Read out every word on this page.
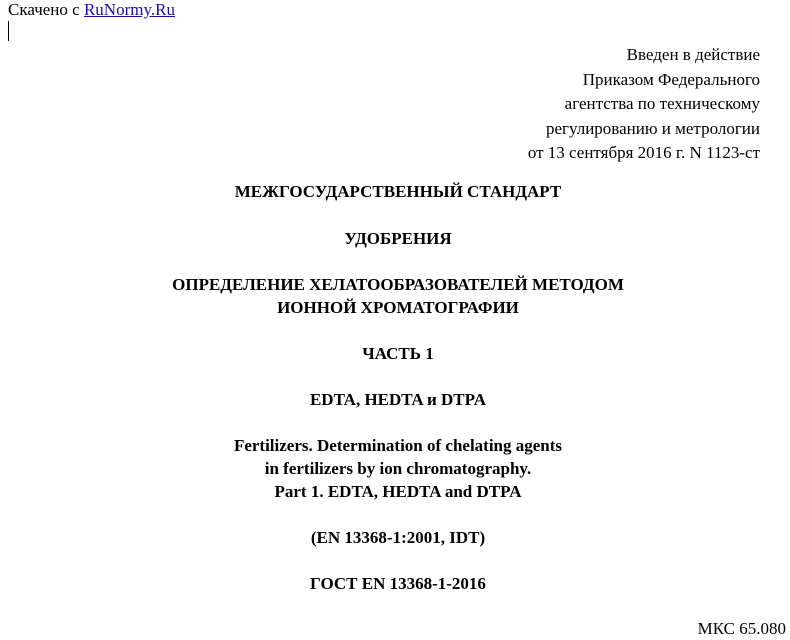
Скачено с RuNormy.Ru
Введен в действие
Приказом Федерального
агентства по техническому
регулированию и метрологии
от 13 сентября 2016 г. N 1123-ст
МЕЖГОСУДАРСТВЕННЫЙ СТАНДАРТ
УДОБРЕНИЯ
ОПРЕДЕЛЕНИЕ ХЕЛАТООБРАЗОВАТЕЛЕЙ МЕТОДОМ
ИОННОЙ ХРОМАТОГРАФИИ
ЧАСТЬ 1
EDTA, HEDTA и DTPA
Fertilizers. Determination of chelating agents
in fertilizers by ion chromatography.
Part 1. EDTA, HEDTA and DTPA
(EN 13368-1:2001, IDT)
ГОСТ EN 13368-1-2016
МКС 65.080
